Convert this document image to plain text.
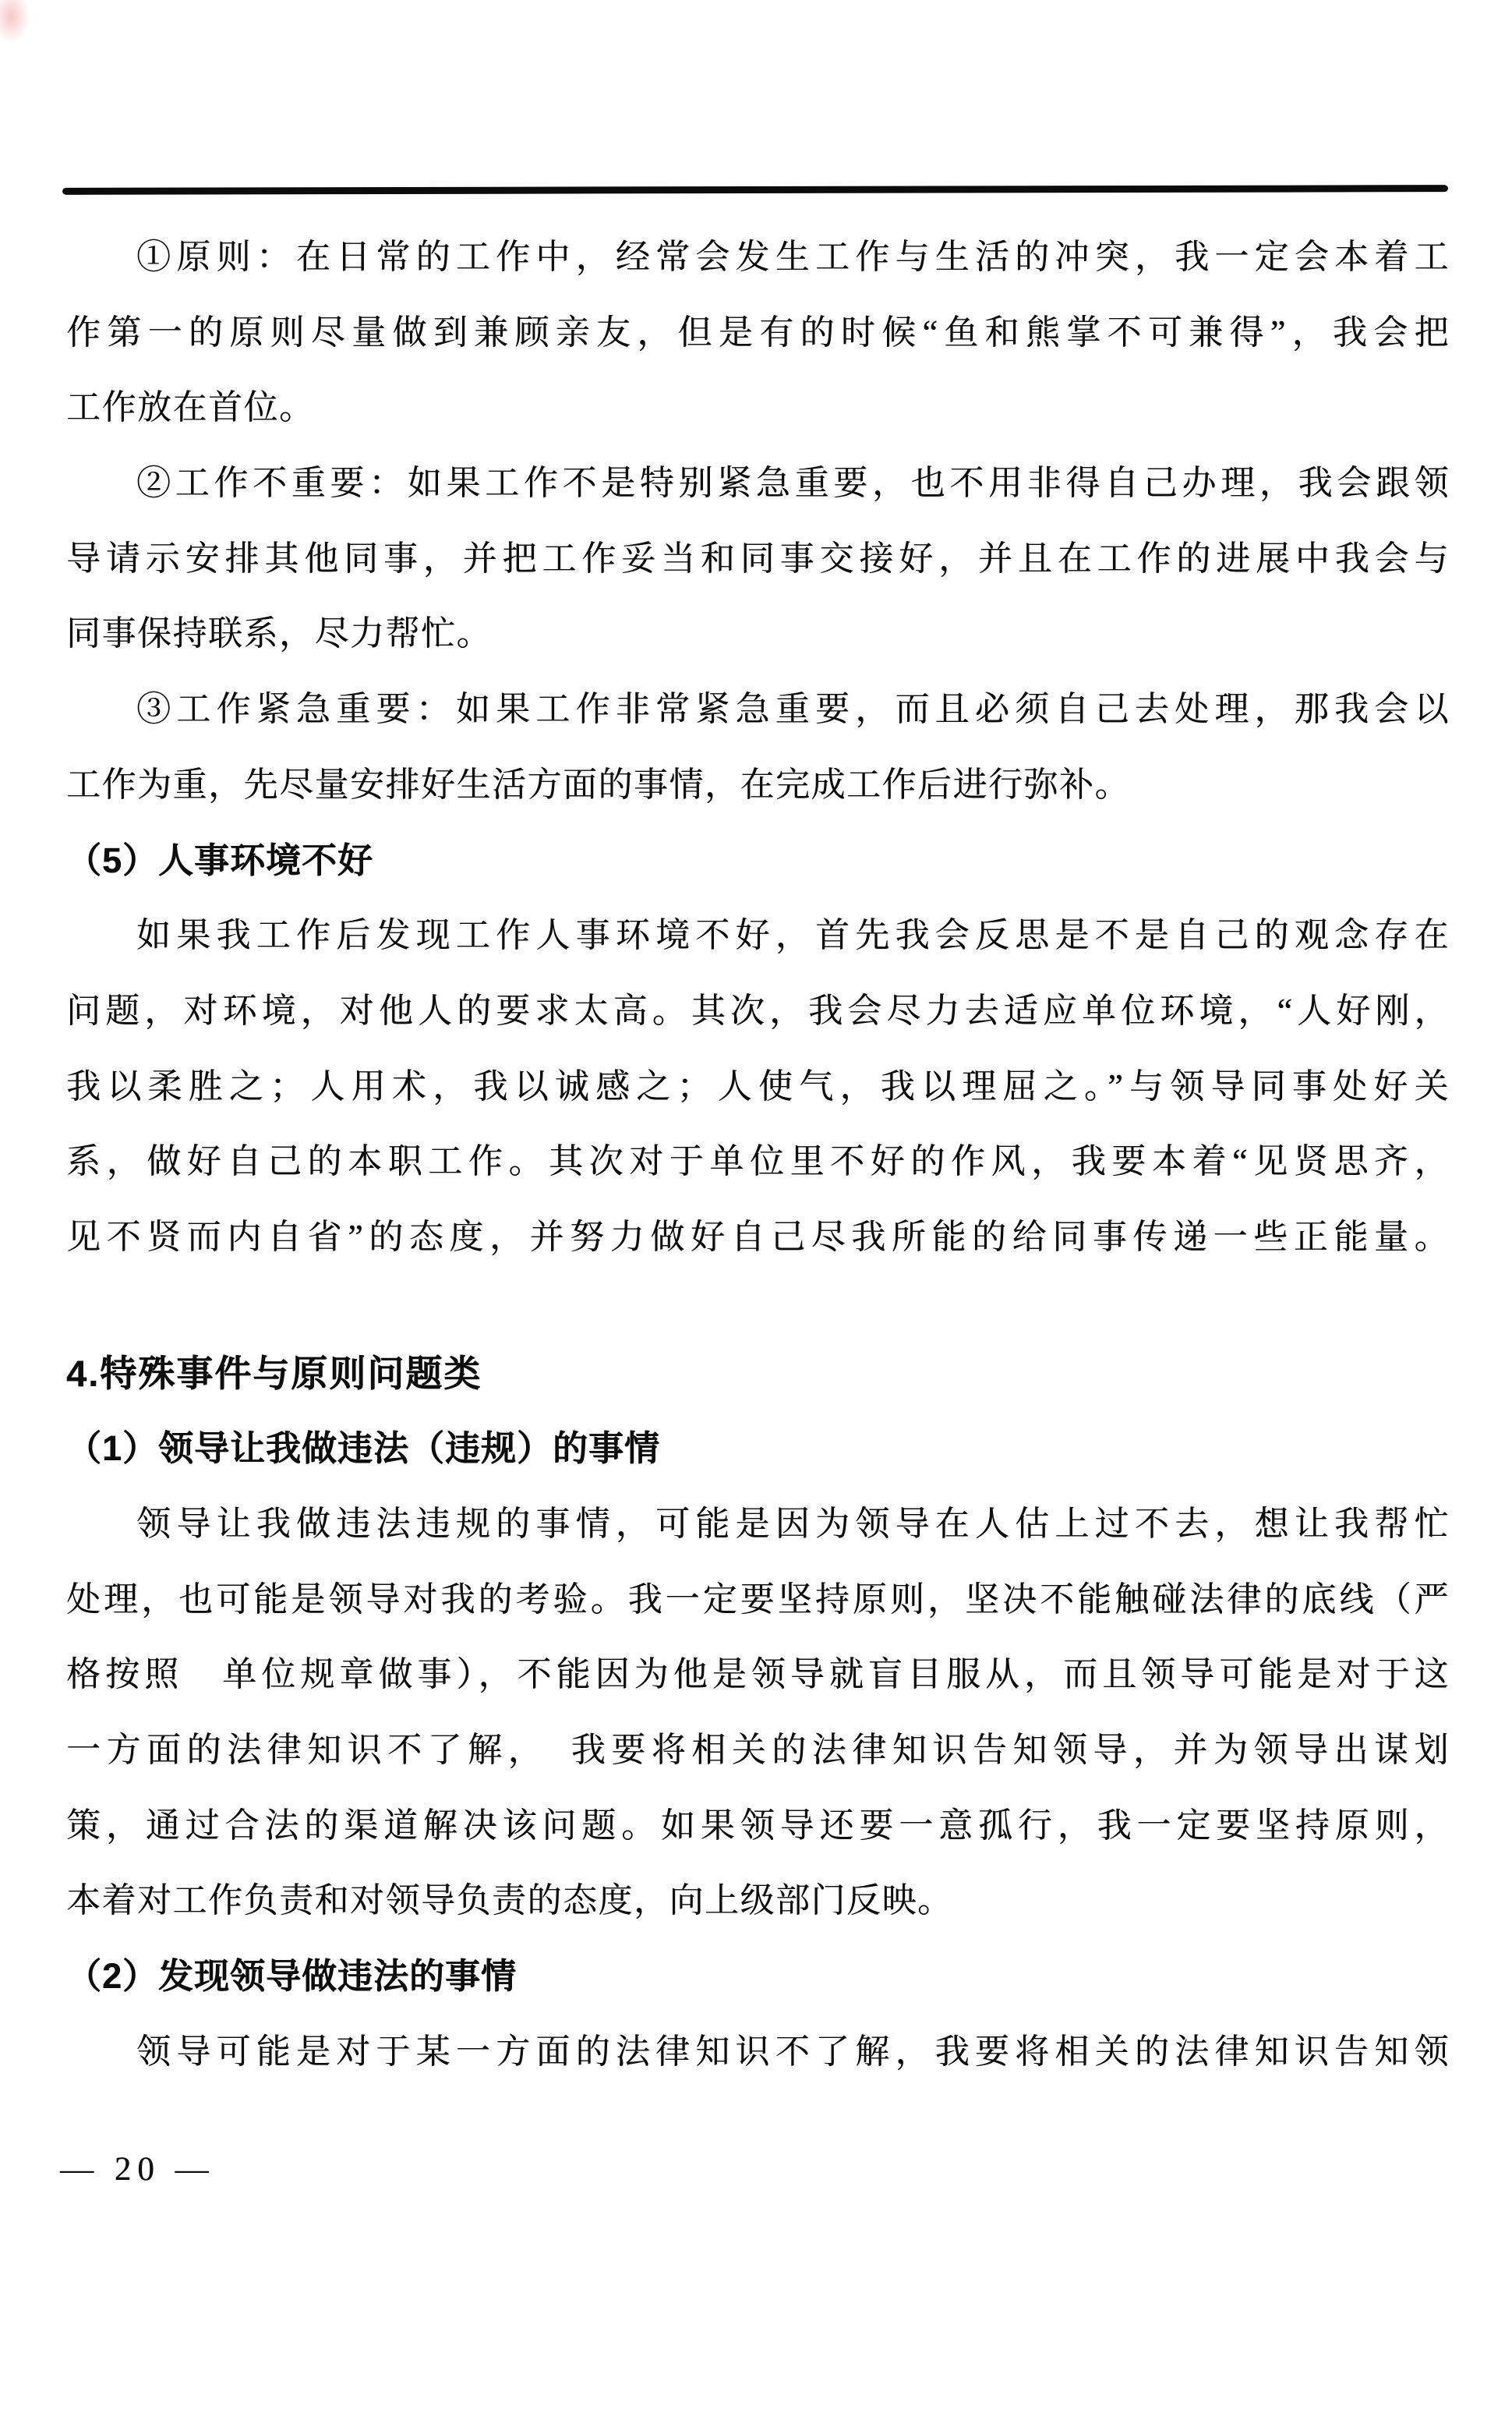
①原则：在日常的工作中，经常会发生工作与生活的冲突，我一定会本着工
作第一的原则尽量做到兼顾亲友，但是有的时候“鱼和熊掌不可兼得”，我会把
工作放在首位。
②工作不重要：如果工作不是特别紧急重要，也不用非得自己办理，我会跟领
导请示安排其他同事，并把工作妥当和同事交接好，并且在工作的进展中我会与
同事保持联系，尽力帮忙。
③工作紧急重要：如果工作非常紧急重要，而且必须自己去处理，那我会以
工作为重，先尽量安排好生活方面的事情，在完成工作后进行弥补。
（5）人事环境不好
如果我工作后发现工作人事环境不好，首先我会反思是不是自己的观念存在
问题，对环境，对他人的要求太高。其次，我会尽力去适应单位环境，“人好刚，
我以柔胜之；人用术，我以诚感之；人使气，我以理屈之。”与领导同事处好关
系，做好自己的本职工作。其次对于单位里不好的作风，我要本着“见贤思齐，
见不贤而内自省”的态度，并努力做好自己尽我所能的给同事传递一些正能量。
4.特殊事件与原则问题类
（1）领导让我做违法（违规）的事情
领导让我做违法违规的事情，可能是因为领导在人估上过不去，想让我帮忙
处理，也可能是领导对我的考验。我一定要坚持原则，坚决不能触碰法律的底线（严
格按照　单位规章做事），不能因为他是领导就盲目服从，而且领导可能是对于这
一方面的法律知识不了解，　我要将相关的法律知识告知领导，并为领导出谋划
策，通过合法的渠道解决该问题。如果领导还要一意孤行，我一定要坚持原则，
本着对工作负责和对领导负责的态度，向上级部门反映。
（2）发现领导做违法的事情
领导可能是对于某一方面的法律知识不了解，我要将相关的法律知识告知领
— 20 —
